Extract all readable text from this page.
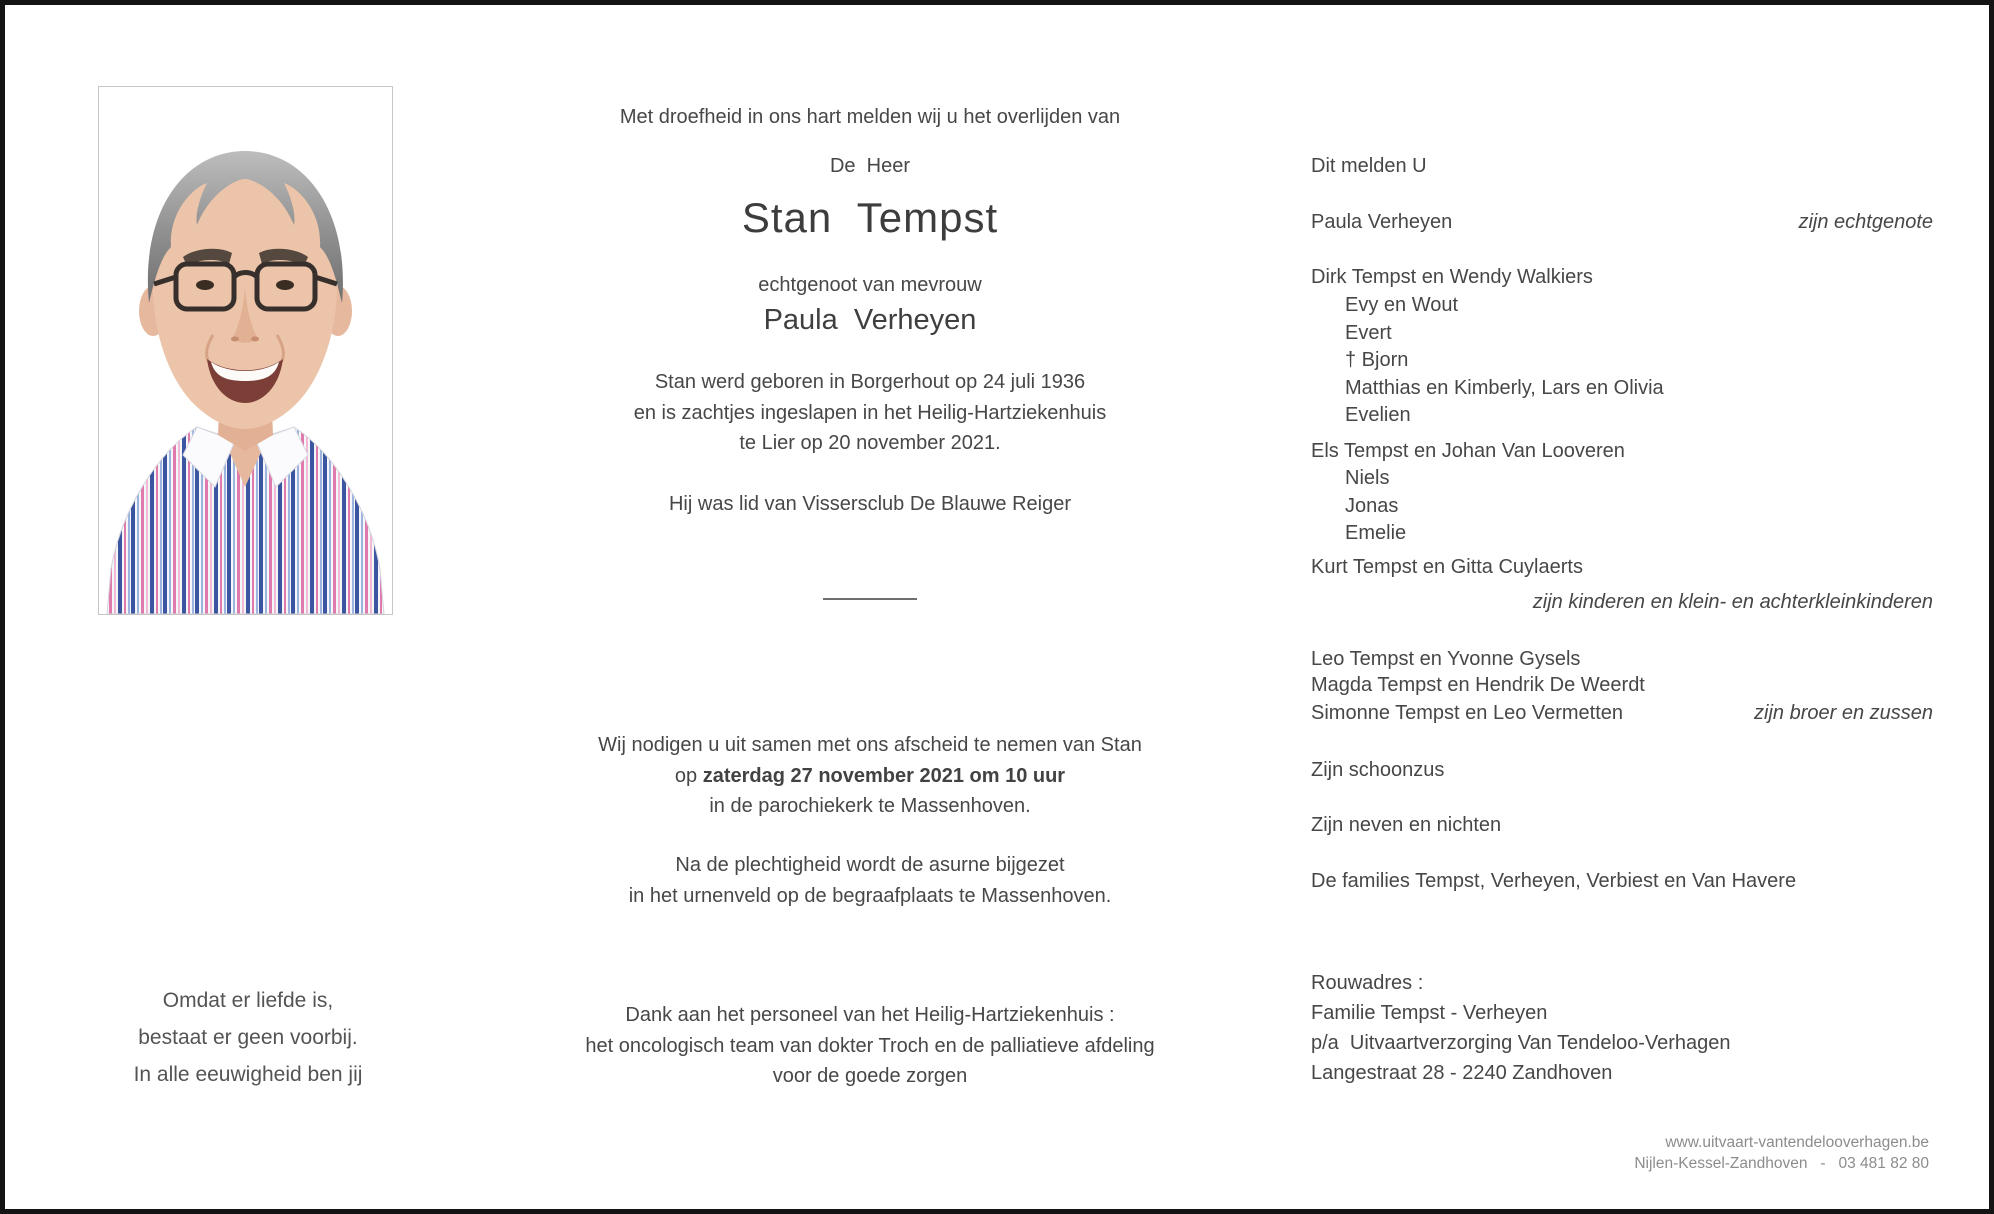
Met droefheid in ons hart melden wij u het overlijden van
De  Heer
Stan  Tempst
echtgenoot van mevrouw
Paula  Verheyen
Stan werd geboren in Borgerhout op 24 juli 1936
en is zachtjes ingeslapen in het Heilig-Hartziekenhuis
te Lier op 20 november 2021.
Hij was lid van Vissersclub De Blauwe Reiger
Wij nodigen u uit samen met ons afscheid te nemen van Stan
op zaterdag 27 november 2021 om 10 uur
in de parochiekerk te Massenhoven.
Na de plechtigheid wordt de asurne bijgezet
in het urnenveld op de begraafplaats te Massenhoven.
Dank aan het personeel van het Heilig-Hartziekenhuis :
het oncologisch team van dokter Troch en de palliatieve afdeling
voor de goede zorgen
Omdat er liefde is,
bestaat er geen voorbij.
In alle eeuwigheid ben jij
Dit melden U
Paula Verheyen	zijn echtgenote
Dirk Tempst en Wendy Walkiers
Evy en Wout
Evert
† Bjorn
Matthias en Kimberly, Lars en Olivia
Evelien
Els Tempst en Johan Van Looveren
Niels
Jonas
Emelie
Kurt Tempst en Gitta Cuylaerts
zijn kinderen en klein- en achterkleinkinderen
Leo Tempst en Yvonne Gysels
Magda Tempst en Hendrik De Weerdt
Simonne Tempst en Leo Vermetten	zijn broer en zussen
Zijn schoonzus
Zijn neven en nichten
De families Tempst, Verheyen, Verbiest en Van Havere
Rouwadres :
Familie Tempst - Verheyen
p/a  Uitvaartverzorging Van Tendeloo-Verhagen
Langestraat 28 - 2240 Zandhoven
www.uitvaart-vantendelooverhagen.be
Nijlen-Kessel-Zandhoven   -   03 481 82 80
